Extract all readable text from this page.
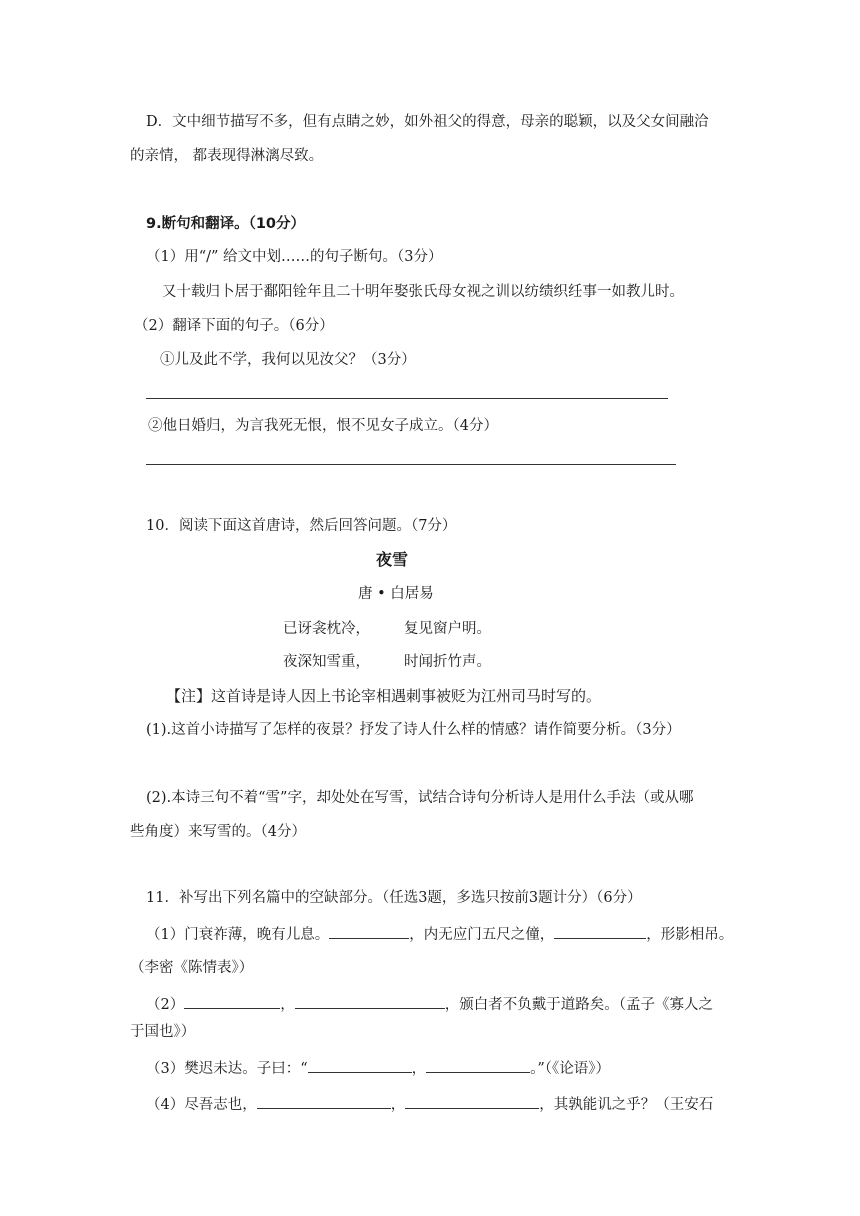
D．文中细节描写不多，但有点睛之妙，如外祖父的得意，母亲的聪颖，以及父女间融洽
的亲情， 都表现得淋漓尽致。
9.断句和翻译。（10分）
（1）用“/” 给文中划……的句子断句。（3分）
又十载归卜居于鄱阳铨年且二十明年娶张氏母女视之训以纺绩织纴事一如教儿时。
（2）翻译下面的句子。（6分）
①儿及此不学，我何以见汝父？（3分）
②他日婚归，为言我死无恨，恨不见女子成立。（4分）
10．阅读下面这首唐诗，然后回答问题。（7分）
夜雪
唐 • 白居易
已讶衾枕冷， 复见窗户明。
夜深知雪重， 时闻折竹声。
【注】这首诗是诗人因上书论宰相遇刺事被贬为江州司马时写的。
(1).这首小诗描写了怎样的夜景？抒发了诗人什么样的情感？请作简要分析。（3分）
(2).本诗三句不着“雪”字，却处处在写雪，试结合诗句分析诗人是用什么手法（或从哪
些角度）来写雪的。（4分）
11．补写出下列名篇中的空缺部分。（任选3题，多选只按前3题计分）（6分）
（1）门衰祚薄，晚有儿息。	，内无应门五尺之僮，	，形影相吊。
（李密《陈情表》）
（2）	，	，颁白者不负戴于道路矣。（孟子《寡人之
于国也》）
（3）樊迟未达。子曰：“	，	。”（《论语》）
（4）尽吾志也，	，	，其孰能讥之乎？（王安石
